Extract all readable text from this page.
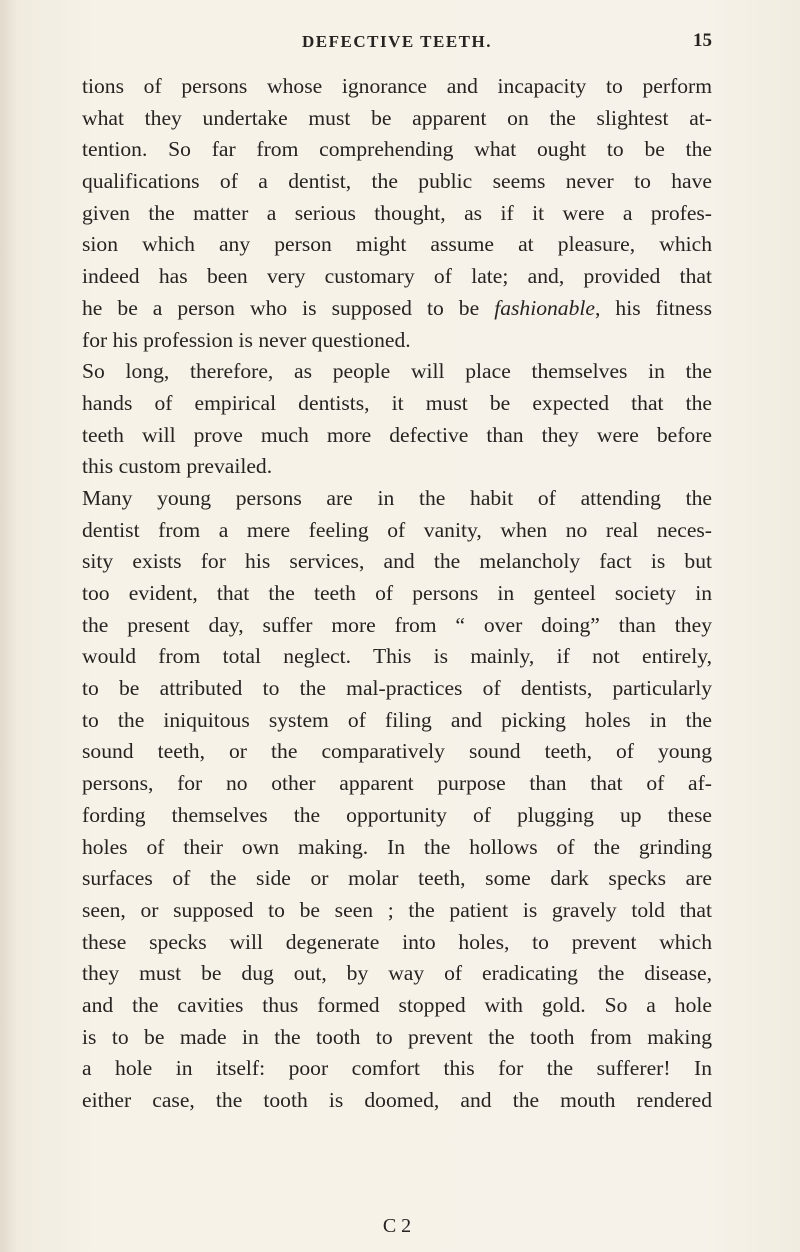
DEFECTIVE TEETH.	15
tions of persons whose ignorance and incapacity to perform
what they undertake must be apparent on the slightest at-
tention. So far from comprehending what ought to be the
qualifications of a dentist, the public seems never to have
given the matter a serious thought, as if it were a profes-
sion which any person might assume at pleasure, which
indeed has been very customary of late; and, provided that
he be a person who is supposed to be fashionable, his fitness
for his profession is never questioned.
So long, therefore, as people will place themselves in the
hands of empirical dentists, it must be expected that the
teeth will prove much more defective than they were before
this custom prevailed.
Many young persons are in the habit of attending the
dentist from a mere feeling of vanity, when no real neces-
sity exists for his services, and the melancholy fact is but
too evident, that the teeth of persons in genteel society in
the present day, suffer more from “ over doing” than they
would from total neglect. This is mainly, if not entirely,
to be attributed to the mal-practices of dentists, particularly
to the iniquitous system of filing and picking holes in the
sound teeth, or the comparatively sound teeth, of young
persons, for no other apparent purpose than that of af-
fording themselves the opportunity of plugging up these
holes of their own making. In the hollows of the grinding
surfaces of the side or molar teeth, some dark specks are
seen, or supposed to be seen ; the patient is gravely told that
these specks will degenerate into holes, to prevent which
they must be dug out, by way of eradicating the disease,
and the cavities thus formed stopped with gold. So a hole
is to be made in the tooth to prevent the tooth from making
a hole in itself: poor comfort this for the sufferer! In
either case, the tooth is doomed, and the mouth rendered
C 2
